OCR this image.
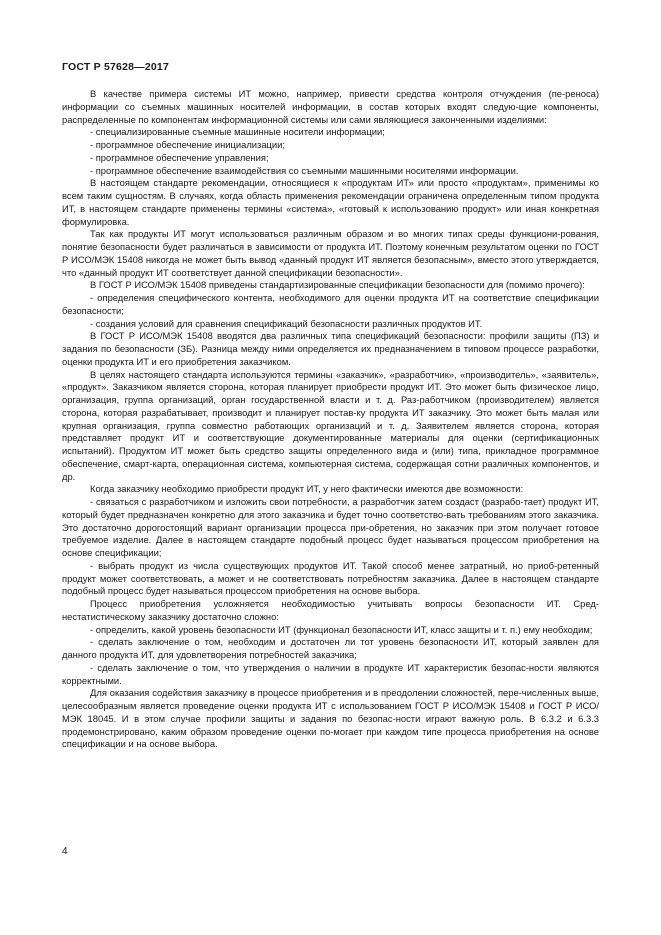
ГОСТ Р 57628—2017

В качестве примера системы ИТ можно, например, привести средства контроля отчуждения (пе-реноса) информации со съемных машинных носителей информации, в состав которых входят следую-щие компоненты, распределенные по компонентам информационной системы или сами являющиеся законченными изделиями:

- специализированные съемные машинные носители информации;

- программное обеспечение инициализации;

- программное обеспечение управления;

- программное обеспечение взаимодействия со съемными машинными носителями информации.

В настоящем стандарте рекомендации, относящиеся к «продуктам ИТ» или просто «продуктам», применимы ко всем таким сущностям. В случаях, когда область применения рекомендации ограничена определенным типом продукта ИТ, в настоящем стандарте применены термины «система», «готовый к использованию продукт» или иная конкретная формулировка.

Так как продукты ИТ могут использоваться различным образом и во многих типах среды функциони-рования, понятие безопасности будет различаться в зависимости от продукта ИТ. Поэтому конечным результатом оценки по ГОСТ Р ИСО/МЭК 15408 никогда не может быть вывод «данный продукт ИТ является безопасным», вместо этого утверждается, что «данный продукт ИТ соответствует данной спецификации безопасности».

В ГОСТ Р ИСО/МЭК 15408 приведены стандартизированные спецификации безопасности для (помимо прочего):

- определения специфического контента, необходимого для оценки продукта ИТ на соответствие спецификации безопасности;

- создания условий для сравнения спецификаций безопасности различных продуктов ИТ.

В ГОСТ Р ИСО/МЭК 15408 вводятся два различных типа спецификаций безопасности: профили защиты (ПЗ) и задания по безопасности (ЗБ). Разница между ними определяется их предназначением в типовом процессе разработки, оценки продукта ИТ и его приобретения заказчиком.

В целях настоящего стандарта используются термины «заказчик», «разработчик», «производитель», «заявитель», «продукт». Заказчиком является сторона, которая планирует приобрести продукт ИТ. Это может быть физическое лицо, организация, группа организаций, орган государственной власти и т. д. Раз-работчиком (производителем) является сторона, которая разрабатывает, производит и планирует постав-ку продукта ИТ заказчику. Это может быть малая или крупная организация, группа совместно работающих организаций и т. д. Заявителем является сторона, которая представляет продукт ИТ и соответствующие документированные материалы для оценки (сертификационных испытаний). Продуктом ИТ может быть средство защиты определенного вида и (или) типа, прикладное программное обеспечение, смарт-карта, операционная система, компьютерная система, содержащая сотни различных компонентов, и др.

Когда заказчику необходимо приобрести продукт ИТ, у него фактически имеются две возможности:

- связаться с разработчиком и изложить свои потребности, а разработчик затем создаст (разрабо-тает) продукт ИТ, который будет предназначен конкретно для этого заказчика и будет точно соответство-вать требованиям этого заказчика. Это достаточно дорогостоящий вариант организации процесса при-обретения, но заказчик при этом получает готовое требуемое изделие. Далее в настоящем стандарте подобный процесс будет называться процессом приобретения на основе спецификации;

- выбрать продукт из числа существующих продуктов ИТ. Такой способ менее затратный, но приоб-ретенный продукт может соответствовать, а может и не соответствовать потребностям заказчика. Далее в настоящем стандарте подобный процесс будет называться процессом приобретения на основе выбора.

Процесс приобретения усложняется необходимостью учитывать вопросы безопасности ИТ. Сред-нестатистическому заказчику достаточно сложно:

- определить, какой уровень безопасности ИТ (функционал безопасности ИТ, класс защиты и т. п.) ему необходим;

- сделать заключение о том, необходим и достаточен ли тот уровень безопасности ИТ, который заявлен для данного продукта ИТ, для удовлетворения потребностей заказчика;

- сделать заключение о том, что утверждения о наличии в продукте ИТ характеристик безопас-ности являются корректными.

Для оказания содействия заказчику в процессе приобретения и в преодолении сложностей, пере-численных выше, целесообразным является проведение оценки продукта ИТ с использованием ГОСТ Р ИСО/МЭК 15408 и ГОСТ Р ИСО/МЭК 18045. И в этом случае профили защиты и задания по безопас-ности играют важную роль. В 6.3.2 и 6.3.3 продемонстрировано, каким образом проведение оценки по-могает при каждом типе процесса приобретения на основе спецификации и на основе выбора.

4
